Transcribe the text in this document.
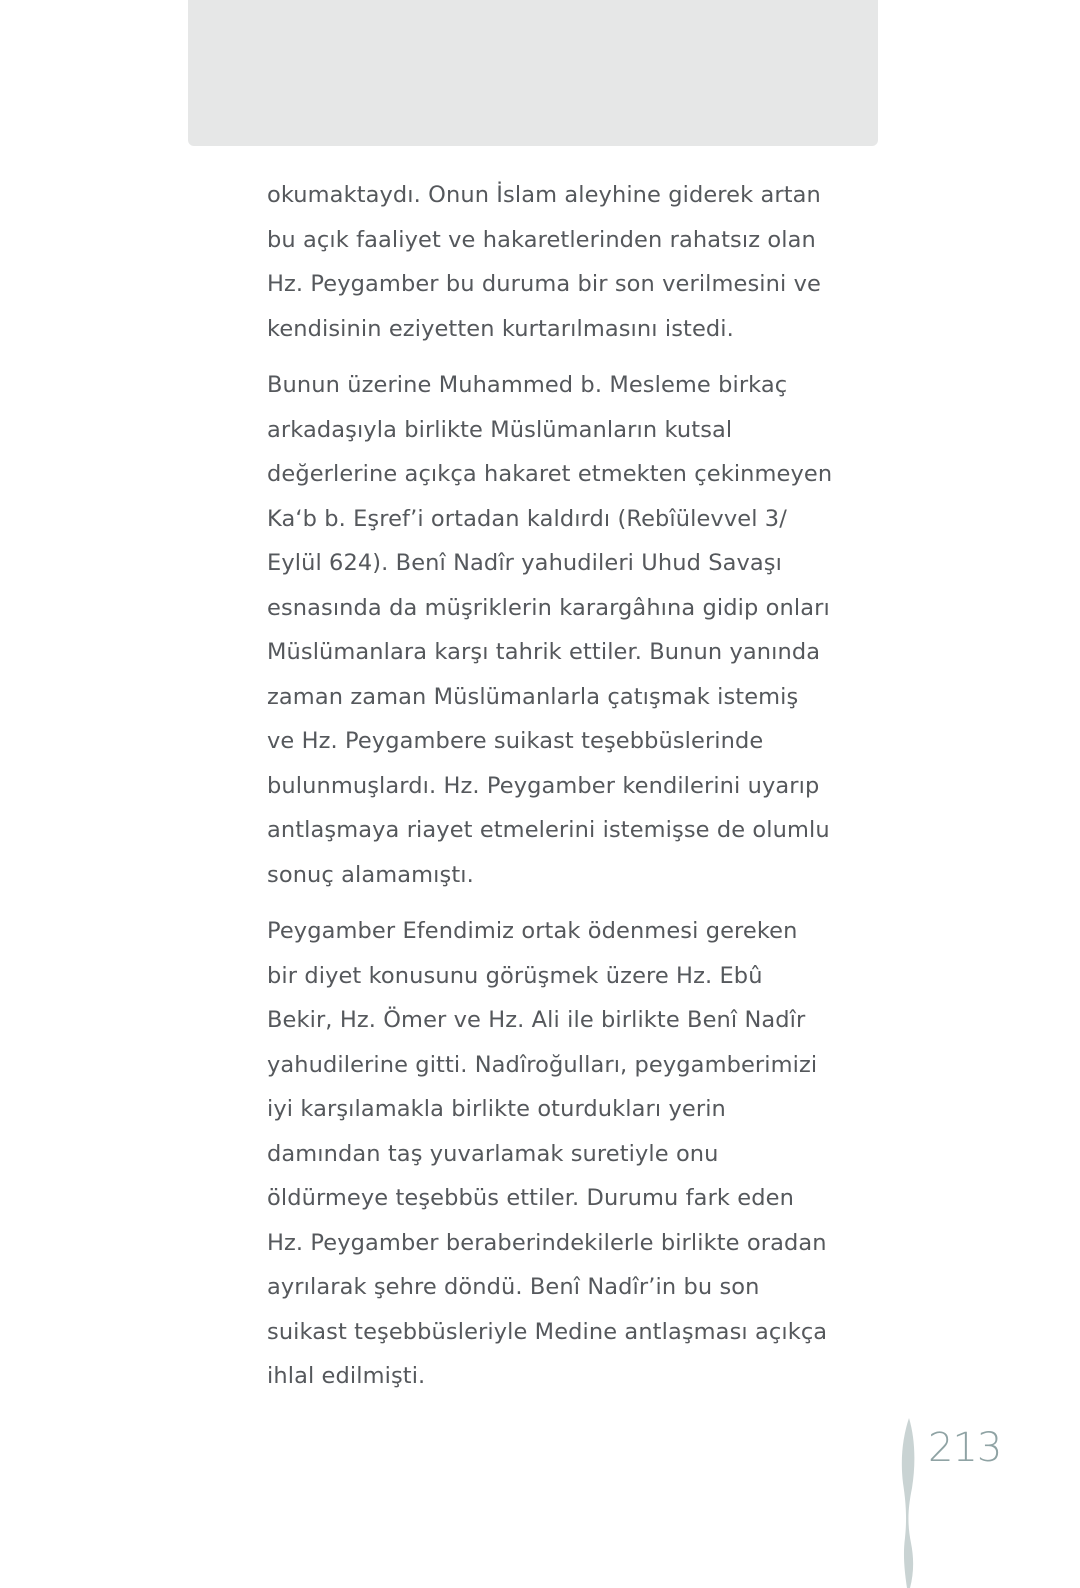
okumaktaydı. Onun İslam aleyhine giderek artan
bu açık faaliyet ve hakaretlerinden rahatsız olan
Hz. Peygamber bu duruma bir son verilmesini ve
kendisinin eziyetten kurtarılmasını istedi.

Bunun üzerine Muhammed b. Mesleme birkaç
arkadaşıyla birlikte Müslümanların kutsal
değerlerine açıkça hakaret etmekten çekinmeyen
Ka‘b b. Eşref’i ortadan kaldırdı (Rebîülevvel 3/
Eylül 624). Benî Nadîr yahudileri Uhud Savaşı
esnasında da müşriklerin karargâhına gidip onları
Müslümanlara karşı tahrik ettiler. Bunun yanında
zaman zaman Müslümanlarla çatışmak istemiş
ve Hz. Peygambere suikast teşebbüslerinde
bulunmuşlardı. Hz. Peygamber kendilerini uyarıp
antlaşmaya riayet etmelerini istemişse de olumlu
sonuç alamamıştı.

Peygamber Efendimiz ortak ödenmesi gereken
bir diyet konusunu görüşmek üzere Hz. Ebû
Bekir, Hz. Ömer ve Hz. Ali ile birlikte Benî Nadîr
yahudilerine gitti. Nadîroğulları, peygamberimizi
iyi karşılamakla birlikte oturdukları yerin
damından taş yuvarlamak suretiyle onu
öldürmeye teşebbüs ettiler. Durumu fark eden
Hz. Peygamber beraberindekilerle birlikte oradan
ayrılarak şehre döndü. Benî Nadîr’in bu son
suikast teşebbüsleriyle Medine antlaşması açıkça
ihlal edilmişti.

213
